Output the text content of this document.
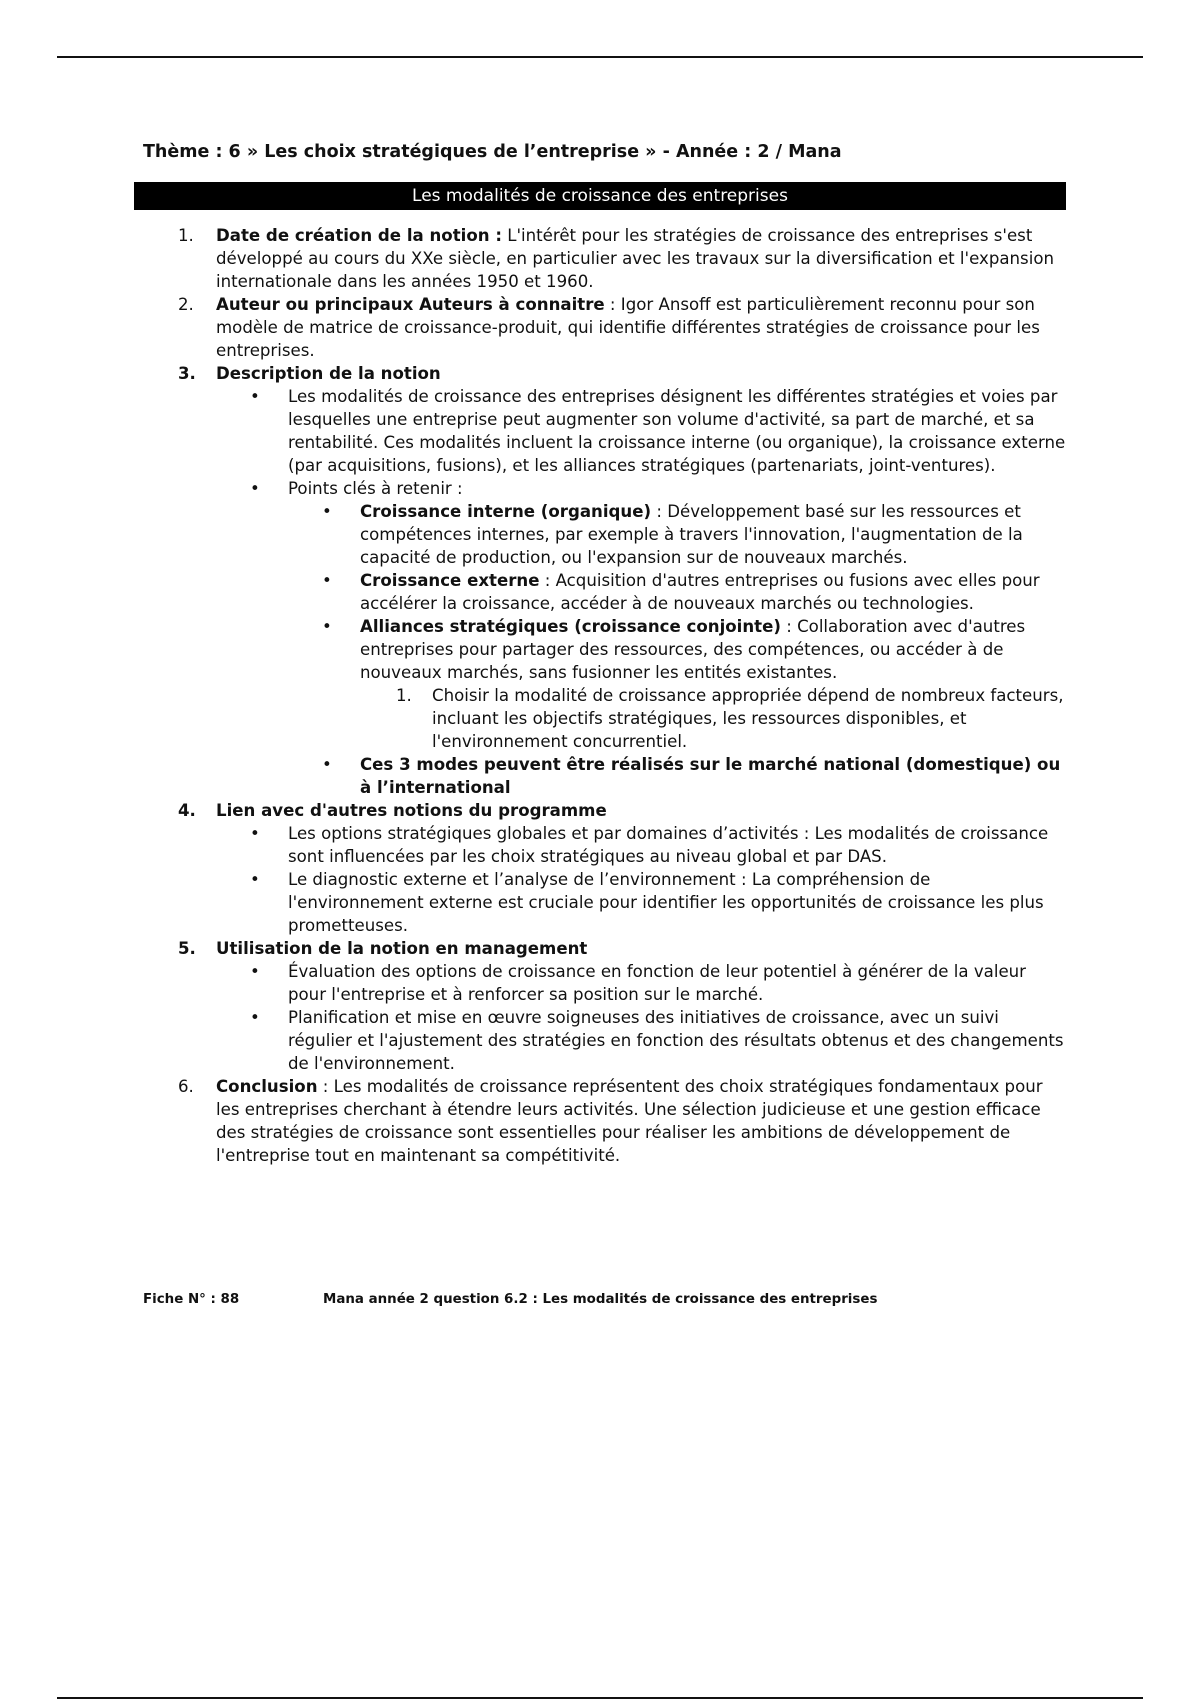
Thème : 6 » Les choix stratégiques de l’entreprise » - Année : 2 / Mana
Les modalités de croissance des entreprises
1. Date de création de la notion : L'intérêt pour les stratégies de croissance des entreprises s'est développé au cours du XXe siècle, en particulier avec les travaux sur la diversification et l'expansion internationale dans les années 1950 et 1960.

2. Auteur ou principaux Auteurs à connaitre : Igor Ansoff est particulièrement reconnu pour son modèle de matrice de croissance-produit, qui identifie différentes stratégies de croissance pour les entreprises.

3. Description de la notion

• Les modalités de croissance des entreprises désignent les différentes stratégies et voies par lesquelles une entreprise peut augmenter son volume d'activité, sa part de marché, et sa rentabilité. Ces modalités incluent la croissance interne (ou organique), la croissance externe (par acquisitions, fusions), et les alliances stratégiques (partenariats, joint-ventures).

• Points clés à retenir :

• Croissance interne (organique) : Développement basé sur les ressources et compétences internes, par exemple à travers l'innovation, l'augmentation de la capacité de production, ou l'expansion sur de nouveaux marchés.

• Croissance externe : Acquisition d'autres entreprises ou fusions avec elles pour accélérer la croissance, accéder à de nouveaux marchés ou technologies.

• Alliances stratégiques (croissance conjointe) : Collaboration avec d'autres entreprises pour partager des ressources, des compétences, ou accéder à de nouveaux marchés, sans fusionner les entités existantes.

1. Choisir la modalité de croissance appropriée dépend de nombreux facteurs, incluant les objectifs stratégiques, les ressources disponibles, et l'environnement concurrentiel.

• Ces 3 modes peuvent être réalisés sur le marché national (domestique) ou à l’international

4. Lien avec d'autres notions du programme

• Les options stratégiques globales et par domaines d’activités : Les modalités de croissance sont influencées par les choix stratégiques au niveau global et par DAS.

• Le diagnostic externe et l’analyse de l’environnement : La compréhension de l'environnement externe est cruciale pour identifier les opportunités de croissance les plus prometteuses.

5. Utilisation de la notion en management

• Évaluation des options de croissance en fonction de leur potentiel à générer de la valeur pour l'entreprise et à renforcer sa position sur le marché.

• Planification et mise en œuvre soigneuses des initiatives de croissance, avec un suivi régulier et l'ajustement des stratégies en fonction des résultats obtenus et des changements de l'environnement.

6. Conclusion : Les modalités de croissance représentent des choix stratégiques fondamentaux pour les entreprises cherchant à étendre leurs activités. Une sélection judicieuse et une gestion efficace des stratégies de croissance sont essentielles pour réaliser les ambitions de développement de l'entreprise tout en maintenant sa compétitivité.

Fiche N° : 88	Mana année 2 question 6.2 : Les modalités de croissance des entreprises
